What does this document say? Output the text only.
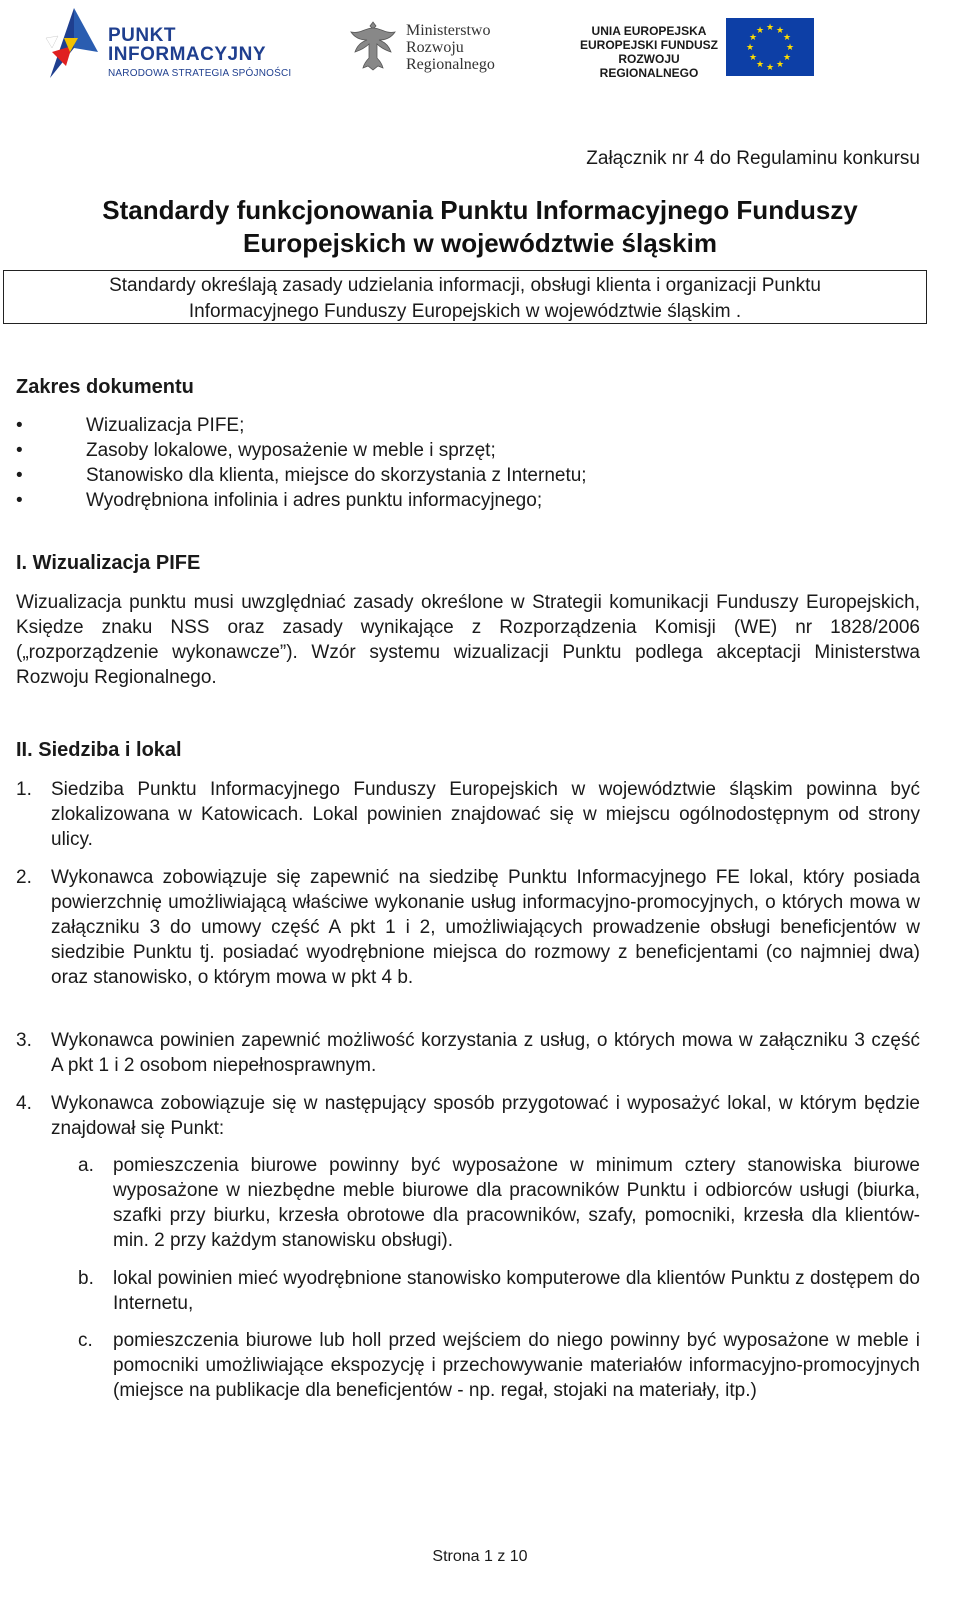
PUNKT
INFORMACYJNY
NARODOWA STRATEGIA SPÓJNOŚCI
Ministerstwo
Rozwoju
Regionalnego
UNIA EUROPEJSKA
EUROPEJSKI FUNDUSZ
ROZWOJU REGIONALNEGO
★ ★
★
★
★
★
★
★
★
★
★
★
Załącznik nr 4 do Regulaminu konkursu
Standardy funkcjonowania Punktu Informacyjnego Funduszy
Europejskich w województwie śląskim
Standardy określają zasady udzielania informacji, obsługi klienta i organizacji Punktu
Informacyjnego Funduszy Europejskich w województwie śląskim .
Zakres dokumentu
•	Wizualizacja PIFE;
•	Zasoby lokalowe, wyposażenie w meble i sprzęt;
•	Stanowisko dla klienta, miejsce do skorzystania z Internetu;
•	Wyodrębniona infolinia i adres punktu informacyjnego;
I. Wizualizacja PIFE
Wizualizacja punktu musi uwzględniać zasady określone w Strategii komunikacji Funduszy Europejskich, Księdze znaku NSS oraz zasady wynikające z Rozporządzenia Komisji (WE) nr 1828/2006 („rozporządzenie wykonawcze”). Wzór systemu wizualizacji Punktu podlega akceptacji Ministerstwa Rozwoju Regionalnego.
II. Siedziba i lokal
1. Siedziba Punktu Informacyjnego Funduszy Europejskich w województwie śląskim powinna być zlokalizowana w Katowicach. Lokal powinien znajdować się w miejscu ogólnodostępnym od strony ulicy.
2. Wykonawca zobowiązuje się zapewnić na siedzibę Punktu Informacyjnego FE lokal, który posiada powierzchnię umożliwiającą właściwe wykonanie usług informacyjno-promocyjnych, o których mowa w załączniku 3 do umowy część A pkt 1 i 2, umożliwiających prowadzenie obsługi beneficjentów w siedzibie Punktu tj. posiadać wyodrębnione miejsca do rozmowy z beneficjentami (co najmniej dwa) oraz stanowisko, o którym mowa w pkt 4 b.
3. Wykonawca powinien zapewnić możliwość korzystania z usług, o których mowa w załączniku 3 część A pkt 1 i 2 osobom niepełnosprawnym.
4. Wykonawca zobowiązuje się w następujący sposób przygotować i wyposażyć lokal, w którym będzie znajdował się Punkt:
a. pomieszczenia biurowe powinny być wyposażone w minimum cztery stanowiska biurowe wyposażone w niezbędne meble biurowe dla pracowników Punktu i odbiorców usługi (biurka, szafki przy biurku, krzesła obrotowe dla pracowników, szafy, pomocniki, krzesła dla klientów- min. 2 przy każdym stanowisku obsługi).
b. lokal powinien mieć wyodrębnione stanowisko komputerowe dla klientów Punktu z dostępem do Internetu,
c. pomieszczenia biurowe lub holl przed wejściem do niego powinny być wyposażone w meble i pomocniki umożliwiające ekspozycję i przechowywanie materiałów informacyjno-promocyjnych (miejsce na publikacje dla beneficjentów - np. regał, stojaki na materiały, itp.)
Strona 1 z 10
